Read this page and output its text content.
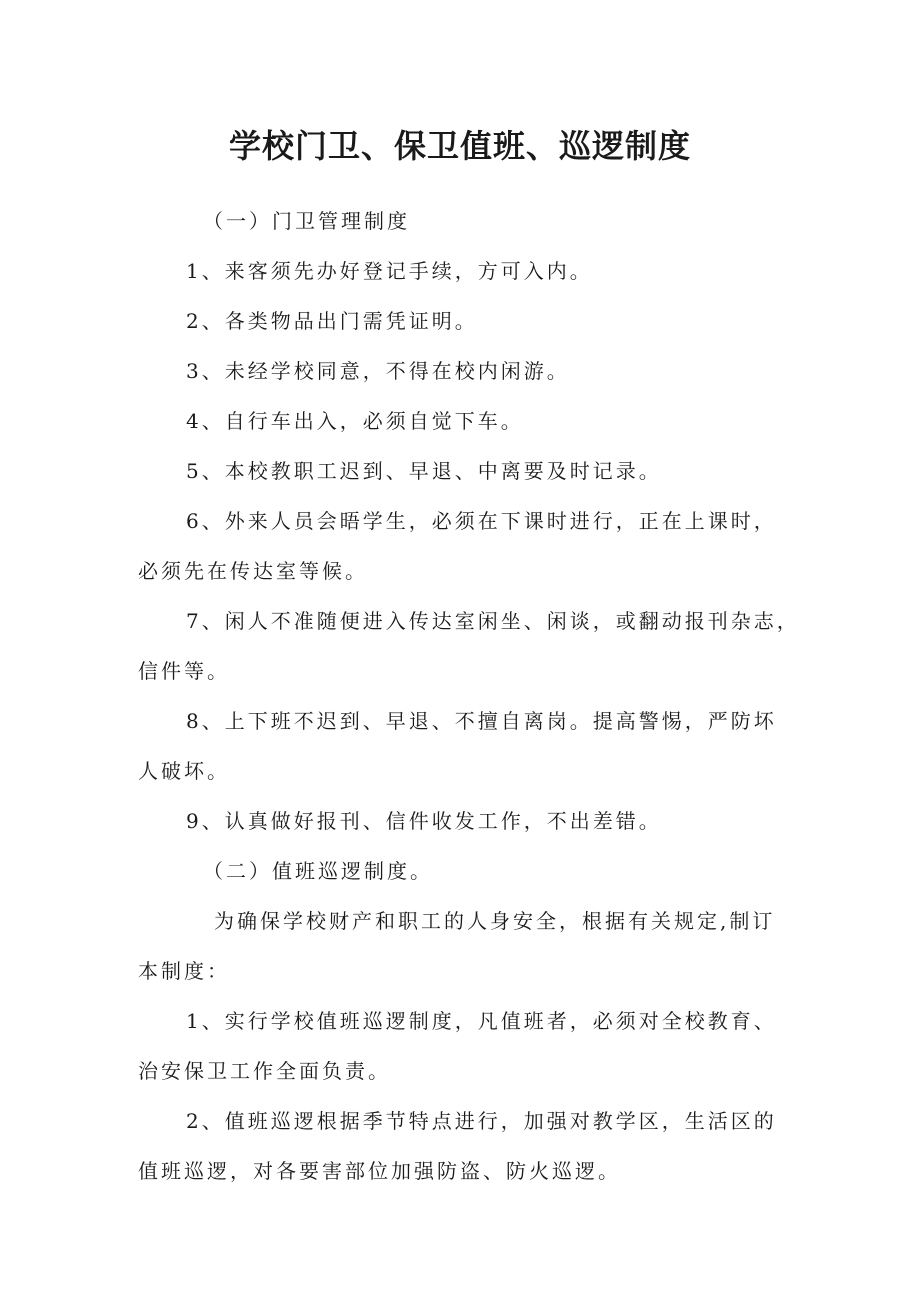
学校门卫、保卫值班、巡逻制度

（一）门卫管理制度

1、来客须先办好登记手续，方可入内。

2、各类物品出门需凭证明。

3、未经学校同意，不得在校内闲游。

4、自行车出入，必须自觉下车。

5、本校教职工迟到、早退、中离要及时记录。

6、外来人员会晤学生，必须在下课时进行，正在上课时，

必须先在传达室等候。

7、闲人不准随便进入传达室闲坐、闲谈，或翻动报刊杂志，

信件等。

8、上下班不迟到、早退、不擅自离岗。提高警惕，严防坏

人破坏。

9、认真做好报刊、信件收发工作，不出差错。

（二）值班巡逻制度。

为确保学校财产和职工的人身安全，根据有关规定,制订

本制度：

1、实行学校值班巡逻制度，凡值班者，必须对全校教育、

治安保卫工作全面负责。

2、值班巡逻根据季节特点进行，加强对教学区，生活区的

值班巡逻，对各要害部位加强防盗、防火巡逻。
